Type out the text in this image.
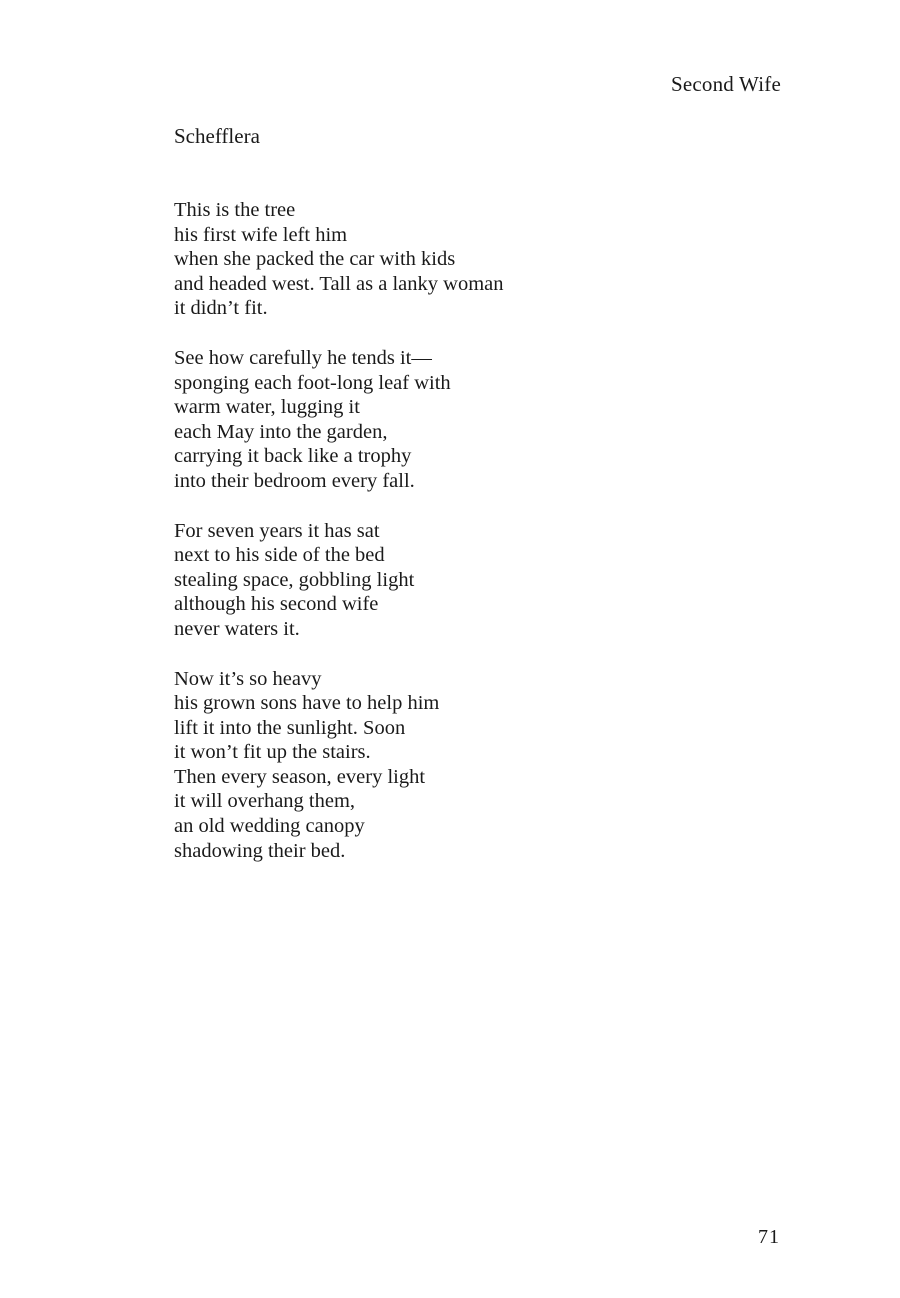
Second Wife
Schefflera
This is the tree
his first wife left him
when she packed the car with kids
and headed west. Tall as a lanky woman
it didn’t fit.
See how carefully he tends it—
sponging each foot-long leaf with
warm water, lugging it
each May into the garden,
carrying it back like a trophy
into their bedroom every fall.
For seven years it has sat
next to his side of the bed
stealing space, gobbling light
although his second wife
never waters it.
Now it’s so heavy
his grown sons have to help him
lift it into the sunlight. Soon
it won’t fit up the stairs.
Then every season, every light
it will overhang them,
an old wedding canopy
shadowing their bed.
71
